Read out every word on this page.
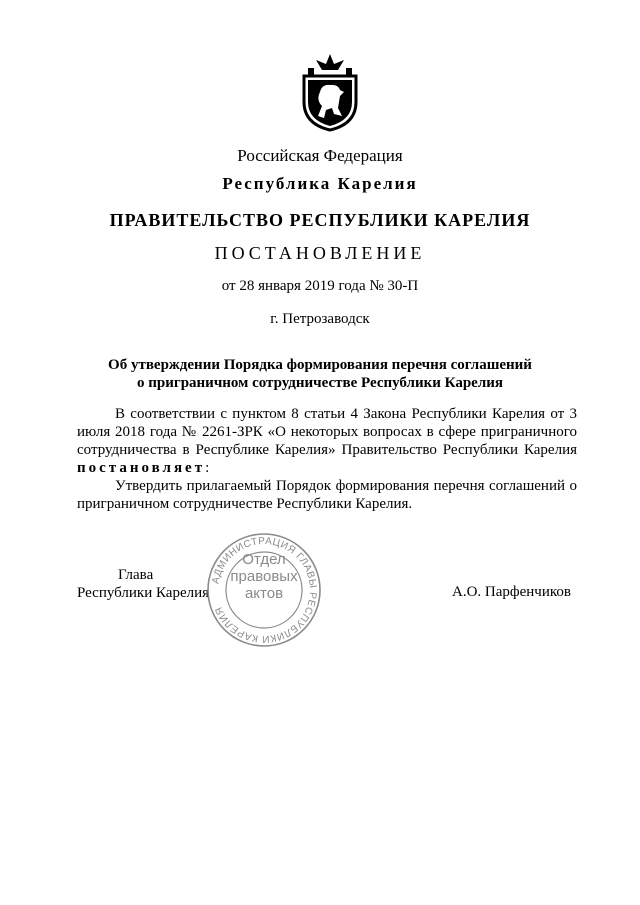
Российская Федерация
Республика Карелия
ПРАВИТЕЛЬСТВО РЕСПУБЛИКИ КАРЕЛИЯ
ПОСТАНОВЛЕНИЕ
от 28 января 2019 года № 30-П
г. Петрозаводск
Об утверждении Порядка формирования перечня соглашений
о приграничном сотрудничестве Республики Карелия

В соответствии с пунктом 8 статьи 4 Закона Республики Карелия от 3 июля 2018 года № 2261-ЗРК «О некоторых вопросах в сфере приграничного сотрудничества в Республике Карелия» Правительство Республики Карелия постановляет:

Утвердить прилагаемый Порядок формирования перечня соглашений о приграничном сотрудничестве Республики Карелия.

Глава
Республики Карелия
АДМИНИСТРАЦИЯ ГЛАВЫ РЕСПУБЛИКИ КАРЕЛИЯ
Отдел
правовых
актов	А.О. Парфенчиков
